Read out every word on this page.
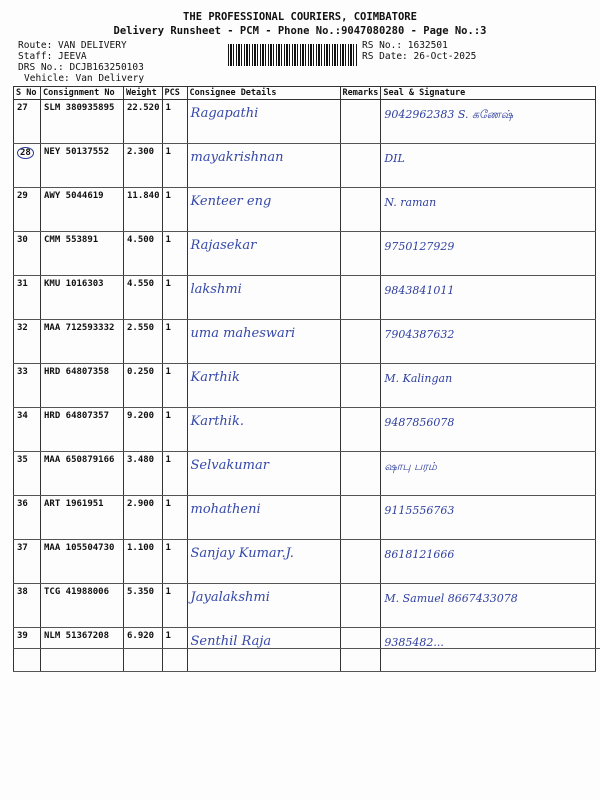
THE PROFESSIONAL COURIERS, COIMBATORE
Delivery Runsheet - PCM - Phone No.:9047080280 - Page No.:3
Route: VAN DELIVERY
Staff: JEEVA
DRS No.: DCJB163250103
Vehicle: Van Delivery
RS No.: 1632501
RS Date: 26-Oct-2025
S No	Consignment No	Weight	PCS	Consignee Details	Remarks	Seal & Signature
27	SLM 380935895	22.520	1	Ragapathi		9042962383 S. கணேஷ்
28	NEY 50137552	2.300	1	mayakrishnan		DIL
29	AWY 5044619	11.840	1	Kenteer eng		N. raman
30	CMM 553891	4.500	1	Rajasekar		9750127929
31	KMU 1016303	4.550	1	lakshmi		9843841011
32	MAA 712593332	2.550	1	uma maheswari		7904387632
33	HRD 64807358	0.250	1	Karthik		M. Kalingan
34	HRD 64807357	9.200	1	Karthik.		9487856078
35	MAA 650879166	3.480	1	Selvakumar		ஷாபு பரம்
36	ART 1961951	2.900	1	mohatheni		9115556763
37	MAA 105504730	1.100	1	Sanjay Kumar.J.		8618121666
38	TCG 41988006	5.350	1	Jayalakshmi		M. Samuel 8667433078
39	NLM 51367208	6.920	1	Senthil Raja		9385482...
